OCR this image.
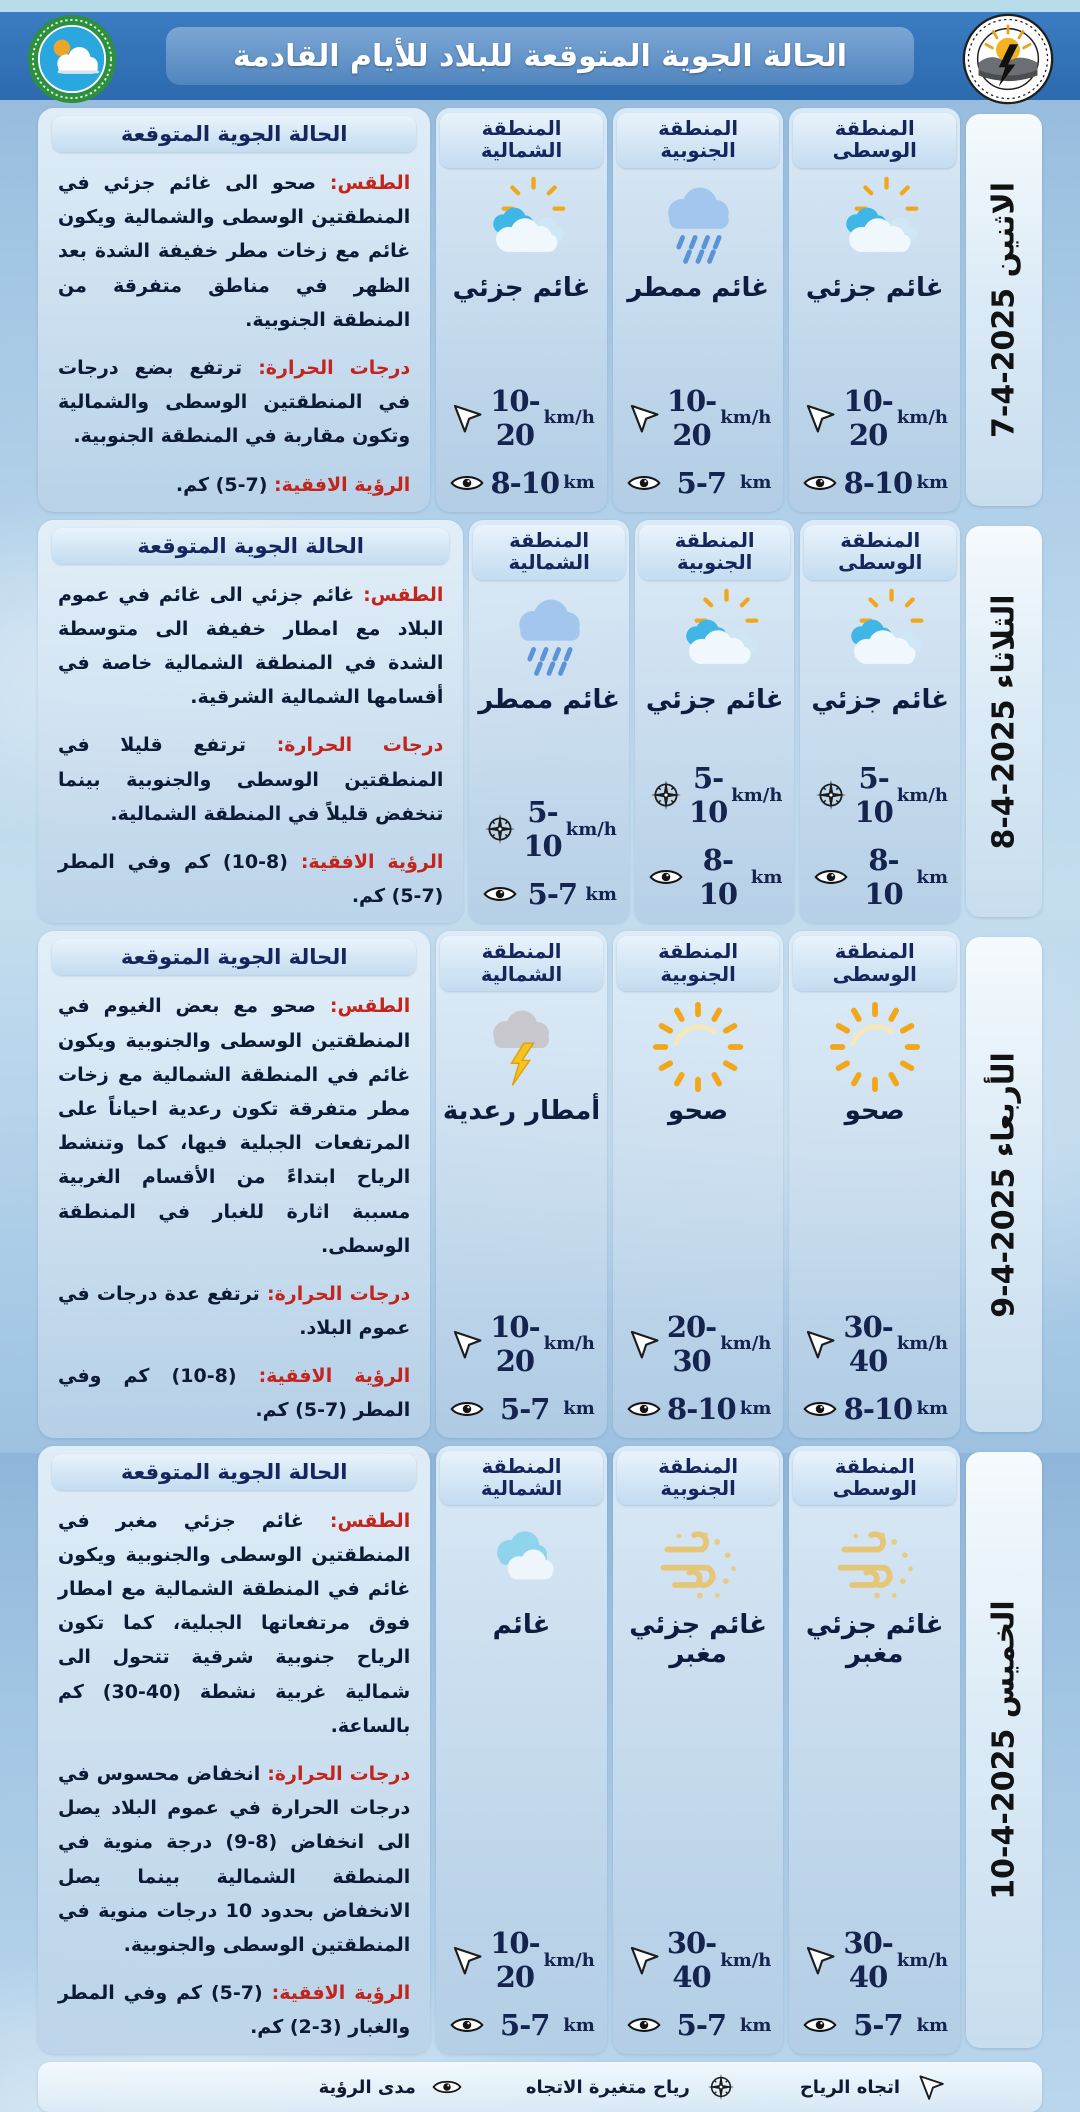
الحالة الجوية المتوقعة للبلاد للأيام القادمة
الاثنين 2025-4-7
المنطقة الوسطى
غائم جزئي
10-20 km/h
8-10 km
المنطقة الجنوبية
غائم ممطر
10-20 km/h
5-7 km
المنطقة الشمالية
غائم جزئي
10-20 km/h
8-10 km
الحالة الجوية المتوقعة

الطقس: صحو الى غائم جزئي في المنطقتين الوسطى والشمالية ويكون غائم مع زخات مطر خفيفة الشدة بعد الظهر في مناطق متفرقة من المنطقة الجنوبية.

درجات الحرارة: ترتفع بضع درجات في المنطقتين الوسطى والشمالية وتكون مقاربة في المنطقة الجنوبية.

الرؤية الافقية: (7-5) كم.

الثلاثاء 2025-4-8
المنطقة الوسطى
غائم جزئي
5-10 km/h
8-10 km
المنطقة الجنوبية
غائم جزئي
5-10 km/h
8-10 km
المنطقة الشمالية
غائم ممطر
5-10 km/h
5-7 km
الحالة الجوية المتوقعة

الطقس: غائم جزئي الى غائم في عموم البلاد مع امطار خفيفة الى متوسطة الشدة في المنطقة الشمالية خاصة في أقسامها الشمالية الشرقية.

درجات الحرارة: ترتفع قليلا في المنطقتين الوسطى والجنوبية بينما تنخفض قليلاً في المنطقة الشمالية.

الرؤية الافقية: (8-10) كم وفي المطر (7-5) كم.

الأربعاء 2025-4-9
المنطقة الوسطى
صحو
30-40 km/h
8-10 km
المنطقة الجنوبية
صحو
20-30 km/h
8-10 km
المنطقة الشمالية
أمطار رعدية
10-20 km/h
5-7 km
الحالة الجوية المتوقعة

الطقس: صحو مع بعض الغيوم في المنطقتين الوسطى والجنوبية ويكون غائم في المنطقة الشمالية مع زخات مطر متفرقة تكون رعدية احياناً على المرتفعات الجبلية فيها، كما وتنشط الرياح ابتداءً من الأقسام الغربية مسببة اثارة للغبار في المنطقة الوسطى.

درجات الحرارة: ترتفع عدة درجات في عموم البلاد.

الرؤية الافقية: (8-10) كم وفي المطر (7-5) كم.

الخميس 2025-4-10
المنطقة الوسطى
غائم جزئي مغبر
30-40 km/h
5-7 km
المنطقة الجنوبية
غائم جزئي مغبر
30-40 km/h
5-7 km
المنطقة الشمالية
غائم
10-20 km/h
5-7 km
الحالة الجوية المتوقعة

الطقس: غائم جزئي مغبر في المنطقتين الوسطى والجنوبية ويكون غائم في المنطقة الشمالية مع امطار فوق مرتفعاتها الجبلية، كما تكون الرياح جنوبية شرقية تتحول الى شمالية غربية نشطة (40-30) كم بالساعة.

درجات الحرارة: انخفاض محسوس في درجات الحرارة في عموم البلاد يصل الى انخفاض (8-9) درجة منوية في المنطقة الشمالية بينما يصل الانخفاض بحدود 10 درجات منوية في المنطقتين الوسطى والجنوبية.

الرؤية الافقية: (7-5) كم وفي المطر والغبار (3-2) كم.

اتجاه الرياح
رياح متغيرة الاتجاه
مدى الرؤية
